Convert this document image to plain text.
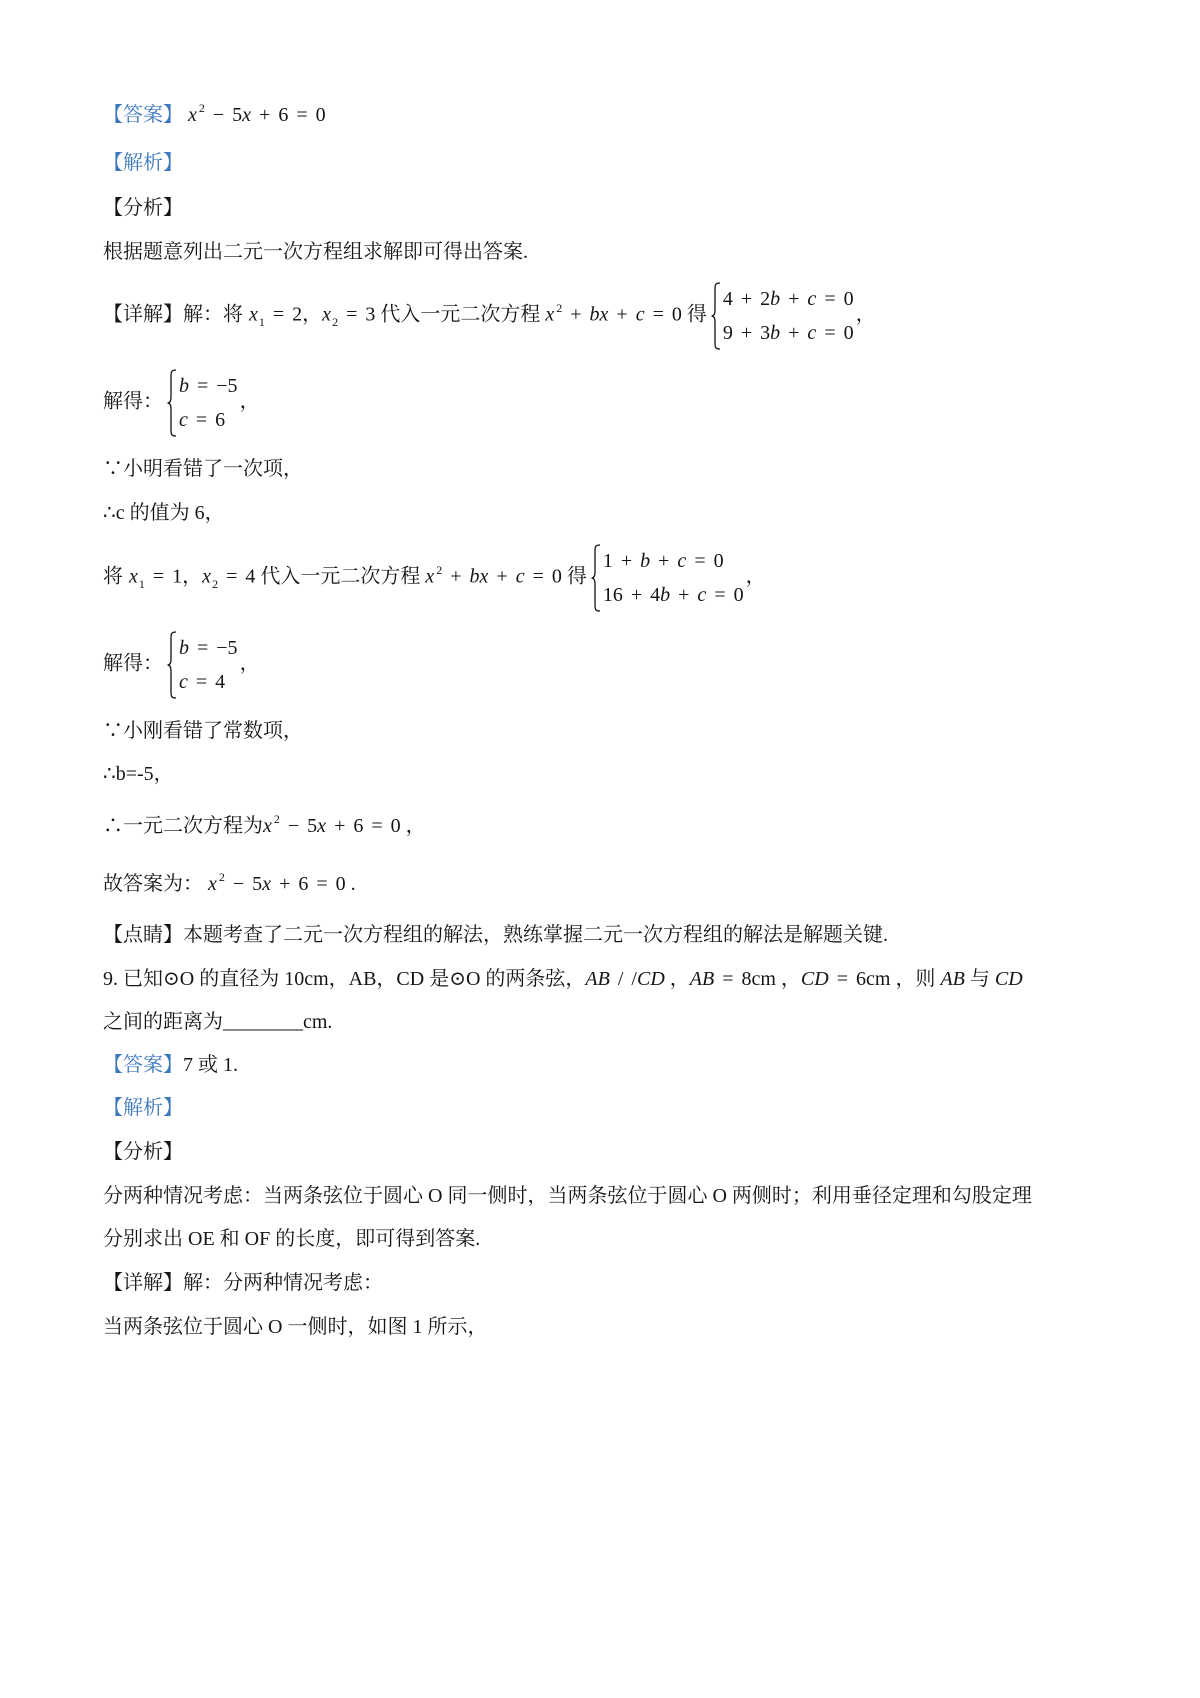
【答案】 x $^2$ − 5x + 6 = 0
【解析】
【分析】
根据题意列出二元一次方程组求解即可得出答案.
【详解】解：将 $x_1 = 2$，$x_2 = 3$ 代入一元二次方程 x $^2$ + bx + c = 0 得
4 + 2b + c = 0
9 + 3b + c = 0
，
解得：
b = −5
c = 6
，
∵小明看错了一次项，
∴c 的值为 6，
将 $x_1 = 1$，$x_2 = 4$ 代入一元二次方程 x $^2$ + bx + c = 0 得
1 + b + c = 0
16 + 4b + c = 0
，
解得：
b = −5
c = 4
，
∵小刚看错了常数项，
∴b=-5，
∴一元二次方程为x $^2$ − 5x + 6 = 0 ，
故答案为： x $^2$ − 5x + 6 = 0 .
【点睛】本题考查了二元一次方程组的解法，熟练掌握二元一次方程组的解法是解题关键.
9. 已知⊙O 的直径为 10cm，AB，CD 是⊙O 的两条弦，AB / /CD ，AB = 8cm ，CD = 6cm ，则 AB 与 CD
之间的距离为________cm.
【答案】7 或 1.
【解析】
【分析】
分两种情况考虑：当两条弦位于圆心 O 同一侧时，当两条弦位于圆心 O 两侧时；利用垂径定理和勾股定理
分别求出 OE 和 OF 的长度，即可得到答案.
【详解】解：分两种情况考虑：
当两条弦位于圆心 O 一侧时，如图 1 所示，
